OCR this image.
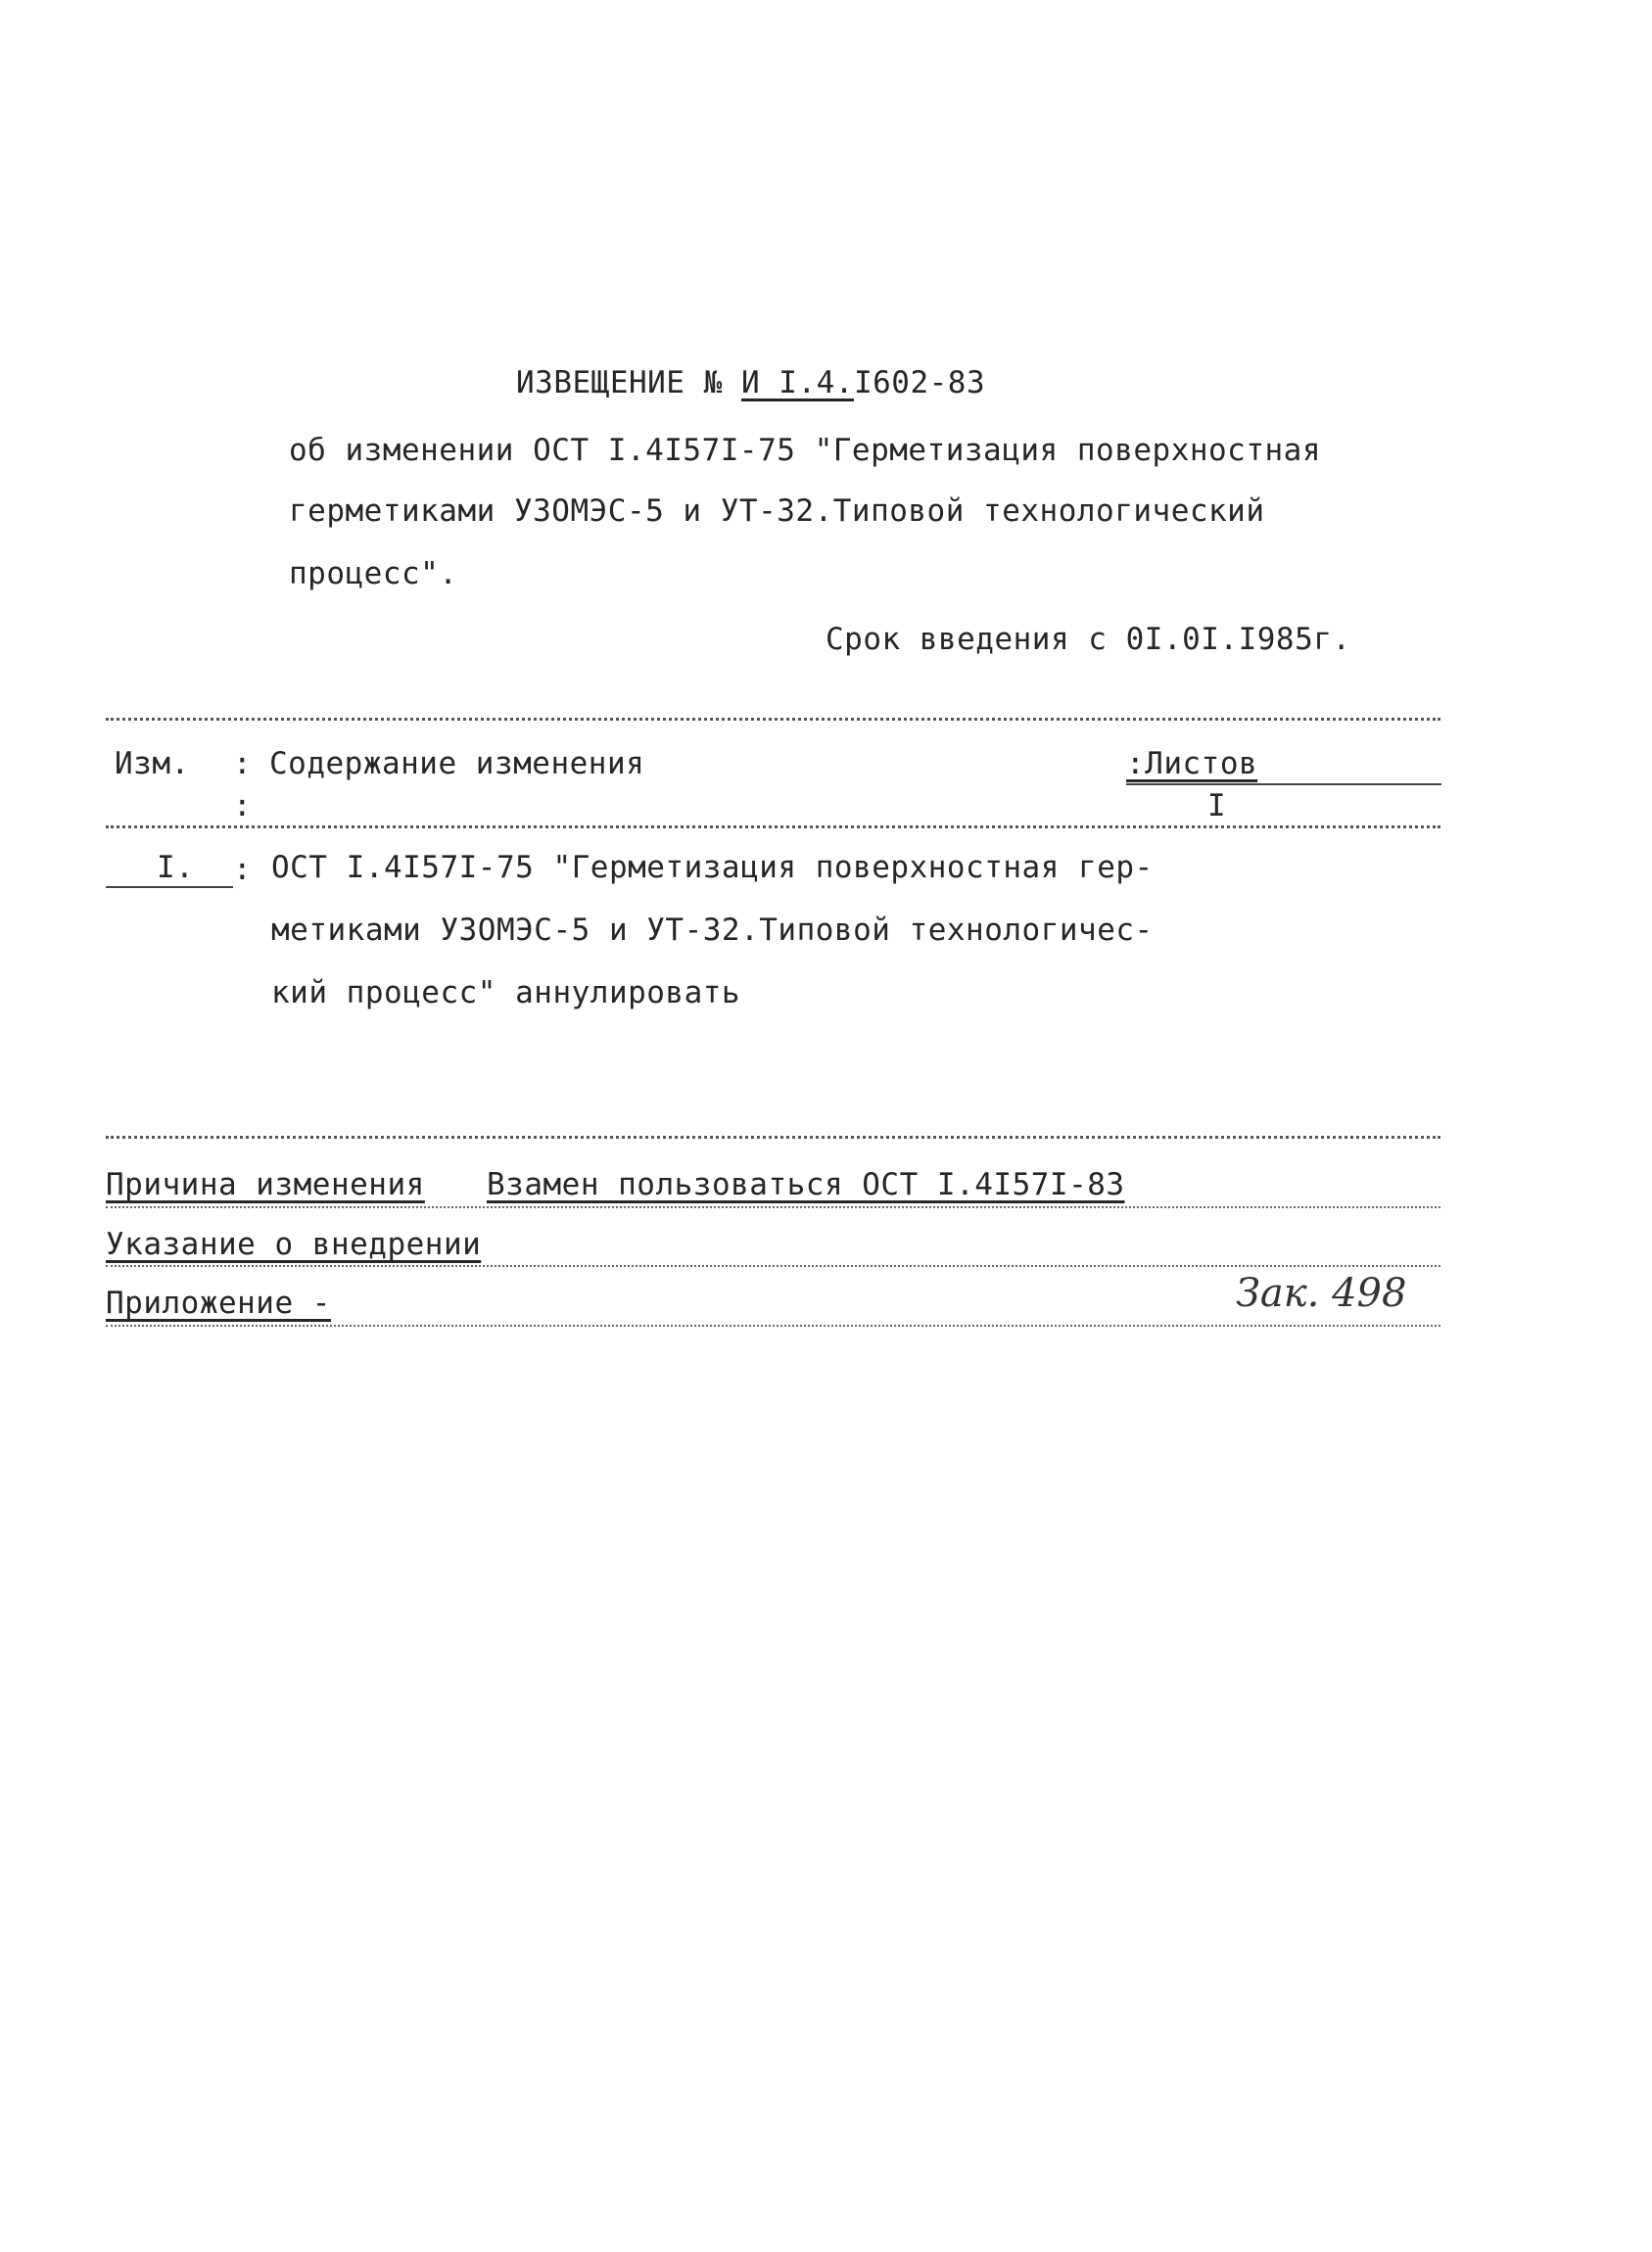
ИЗВЕЩЕНИЕ № И I.4.I602-83
об изменении ОСТ I.4I57I-75 "Герметизация поверхностная
герметиками УЗОМЭС-5 и УТ-32.Типовой технологический
процесс".
Срок введения с 0I.0I.I985г.
Изм. : Содержание изменения	:Листов
:	I
I. : ОСТ I.4I57I-75 "Герметизация поверхностная гер-
метиками УЗОМЭС-5 и УТ-32.Типовой технологичес-
кий процесс" аннулировать
Причина изменения Взамен пользоваться ОСТ I.4I57I-83
Указание о внедрении
Приложение -	Зак. 498
